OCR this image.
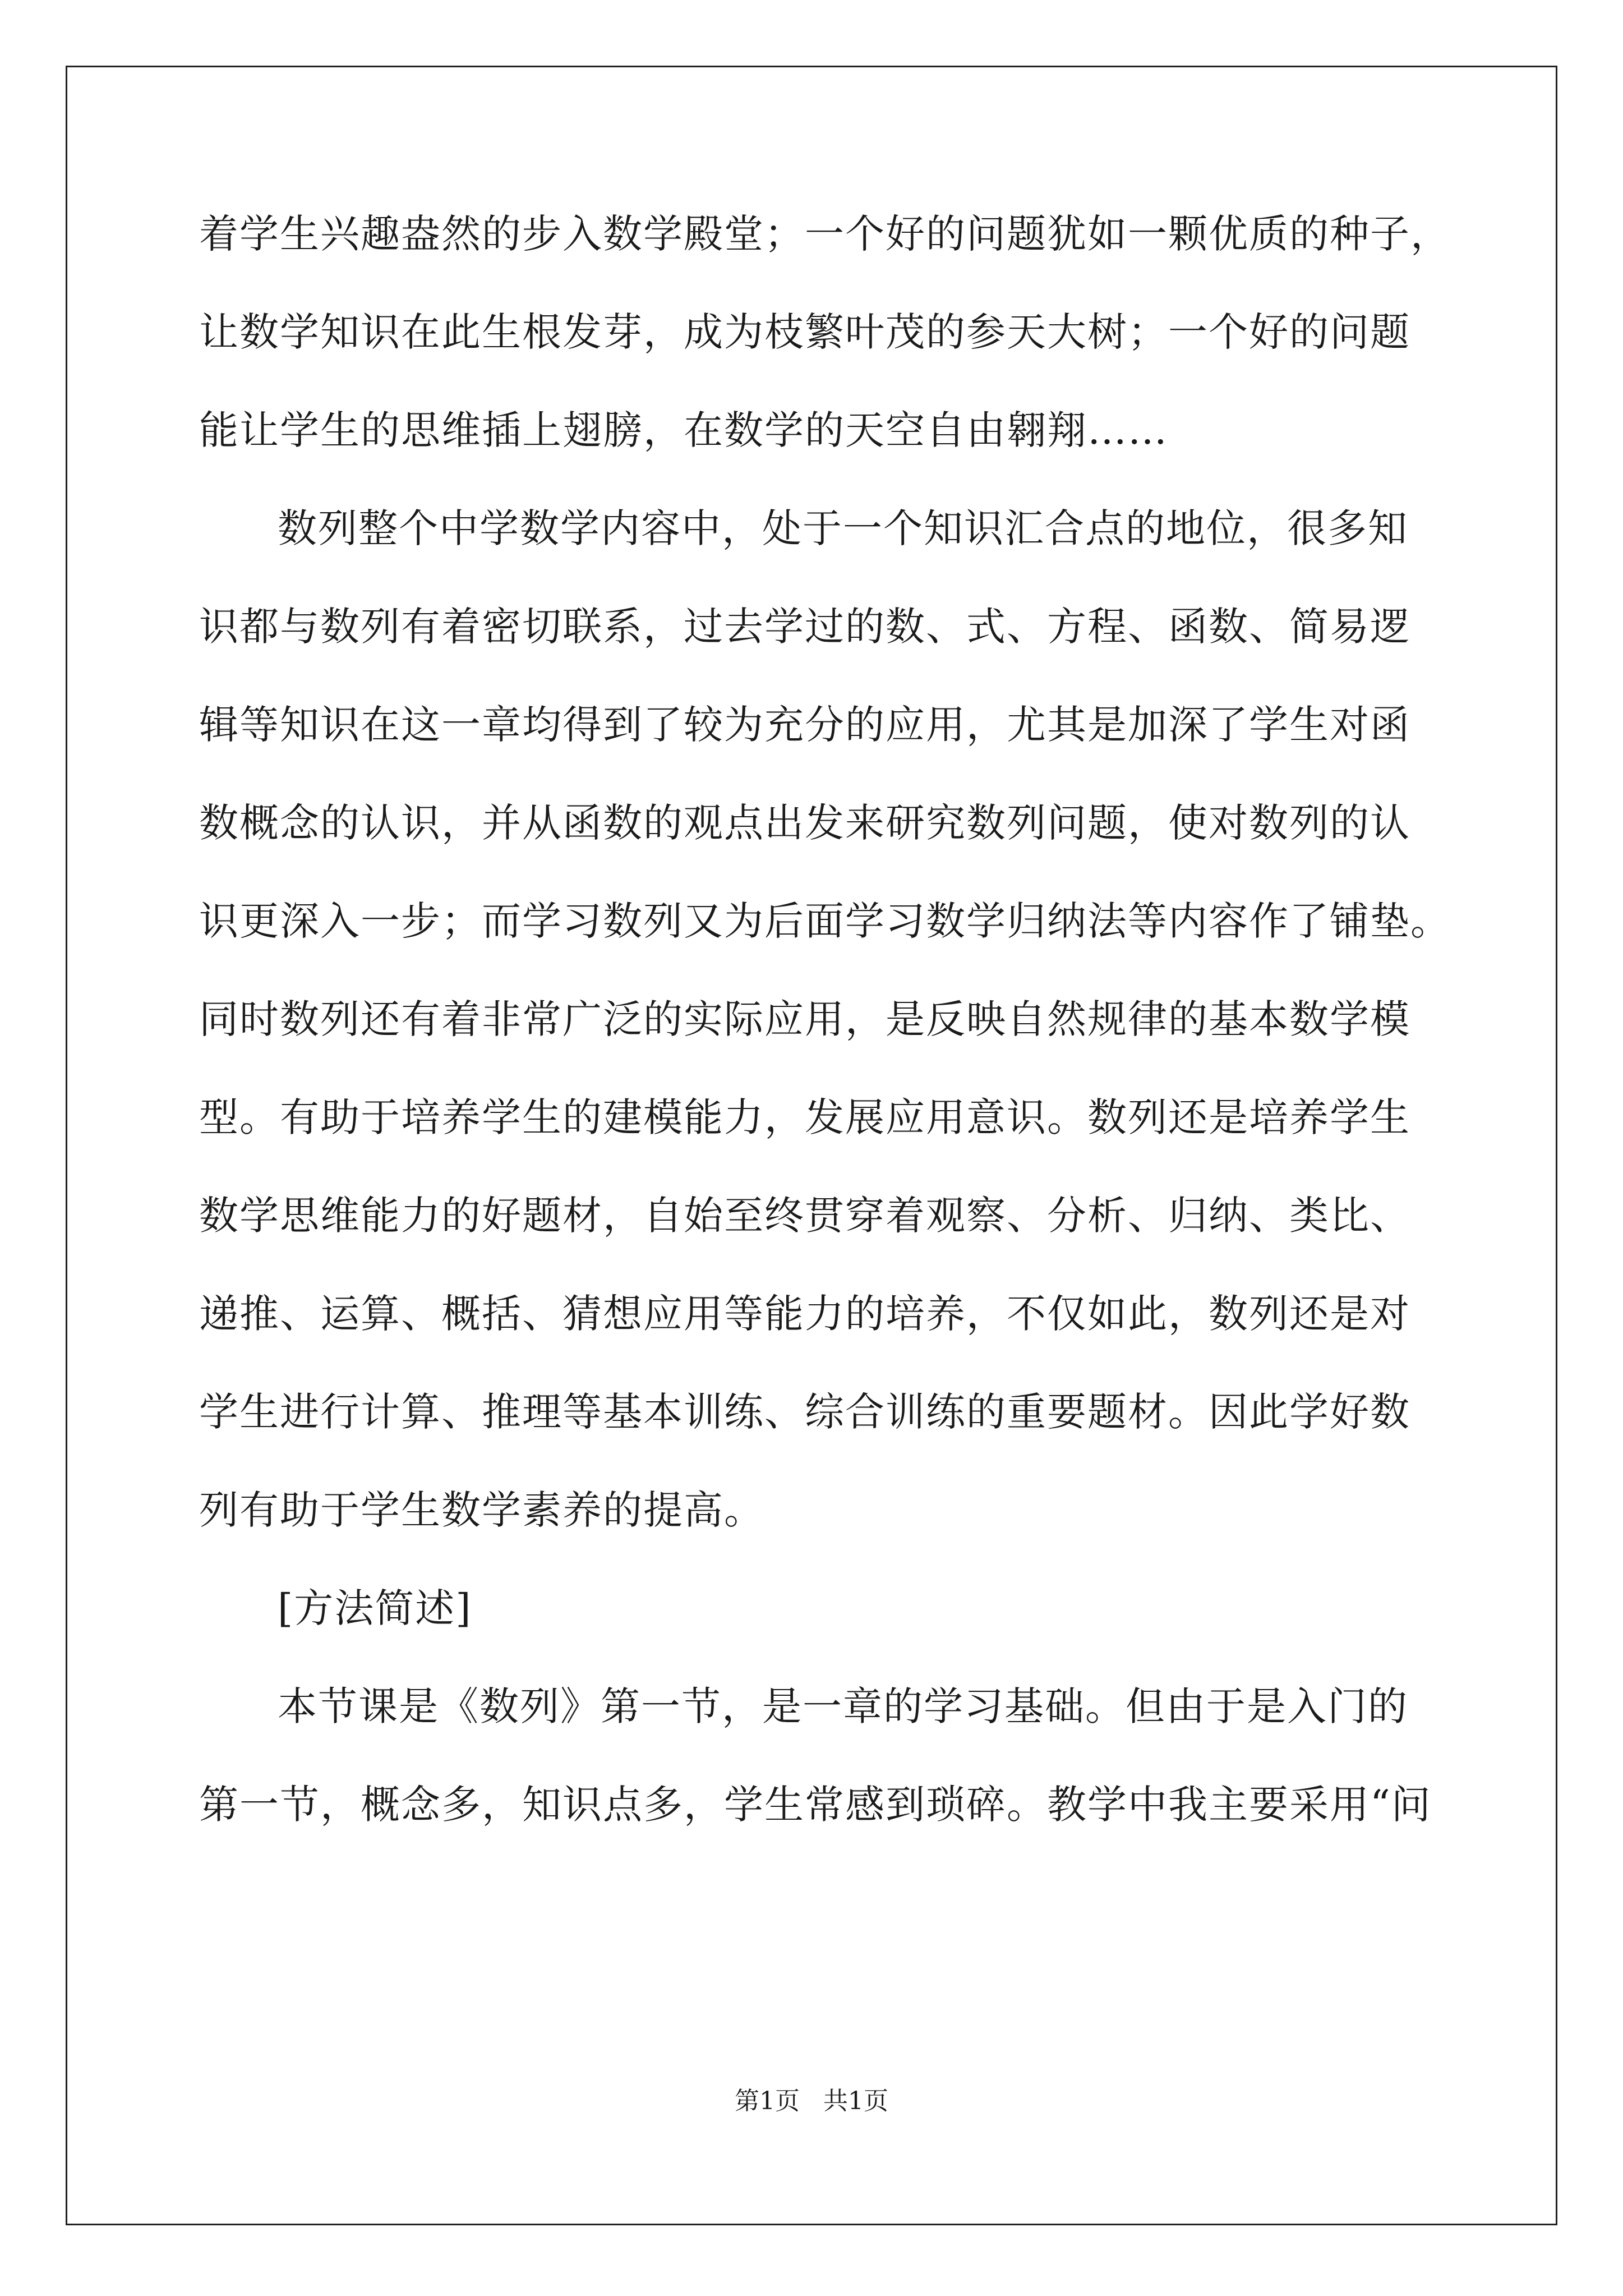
着学生兴趣盎然的步入数学殿堂；一个好的问题犹如一颗优质的种子，
让数学知识在此生根发芽，成为枝繁叶茂的参天大树；一个好的问题
能让学生的思维插上翅膀，在数学的天空自由翱翔……
数列整个中学数学内容中，处于一个知识汇合点的地位，很多知
识都与数列有着密切联系，过去学过的数、式、方程、函数、简易逻
辑等知识在这一章均得到了较为充分的应用，尤其是加深了学生对函
数概念的认识，并从函数的观点出发来研究数列问题，使对数列的认
识更深入一步；而学习数列又为后面学习数学归纳法等内容作了铺垫。
同时数列还有着非常广泛的实际应用，是反映自然规律的基本数学模
型。有助于培养学生的建模能力，发展应用意识。数列还是培养学生
数学思维能力的好题材，自始至终贯穿着观察、分析、归纳、类比、
递推、运算、概括、猜想应用等能力的培养，不仅如此，数列还是对
学生进行计算、推理等基本训练、综合训练的重要题材。因此学好数
列有助于学生数学素养的提高。
[方法简述]
本节课是《数列》第一节，是一章的学习基础。但由于是入门的
第一节，概念多，知识点多，学生常感到琐碎。教学中我主要采用“问
第1页   共1页
